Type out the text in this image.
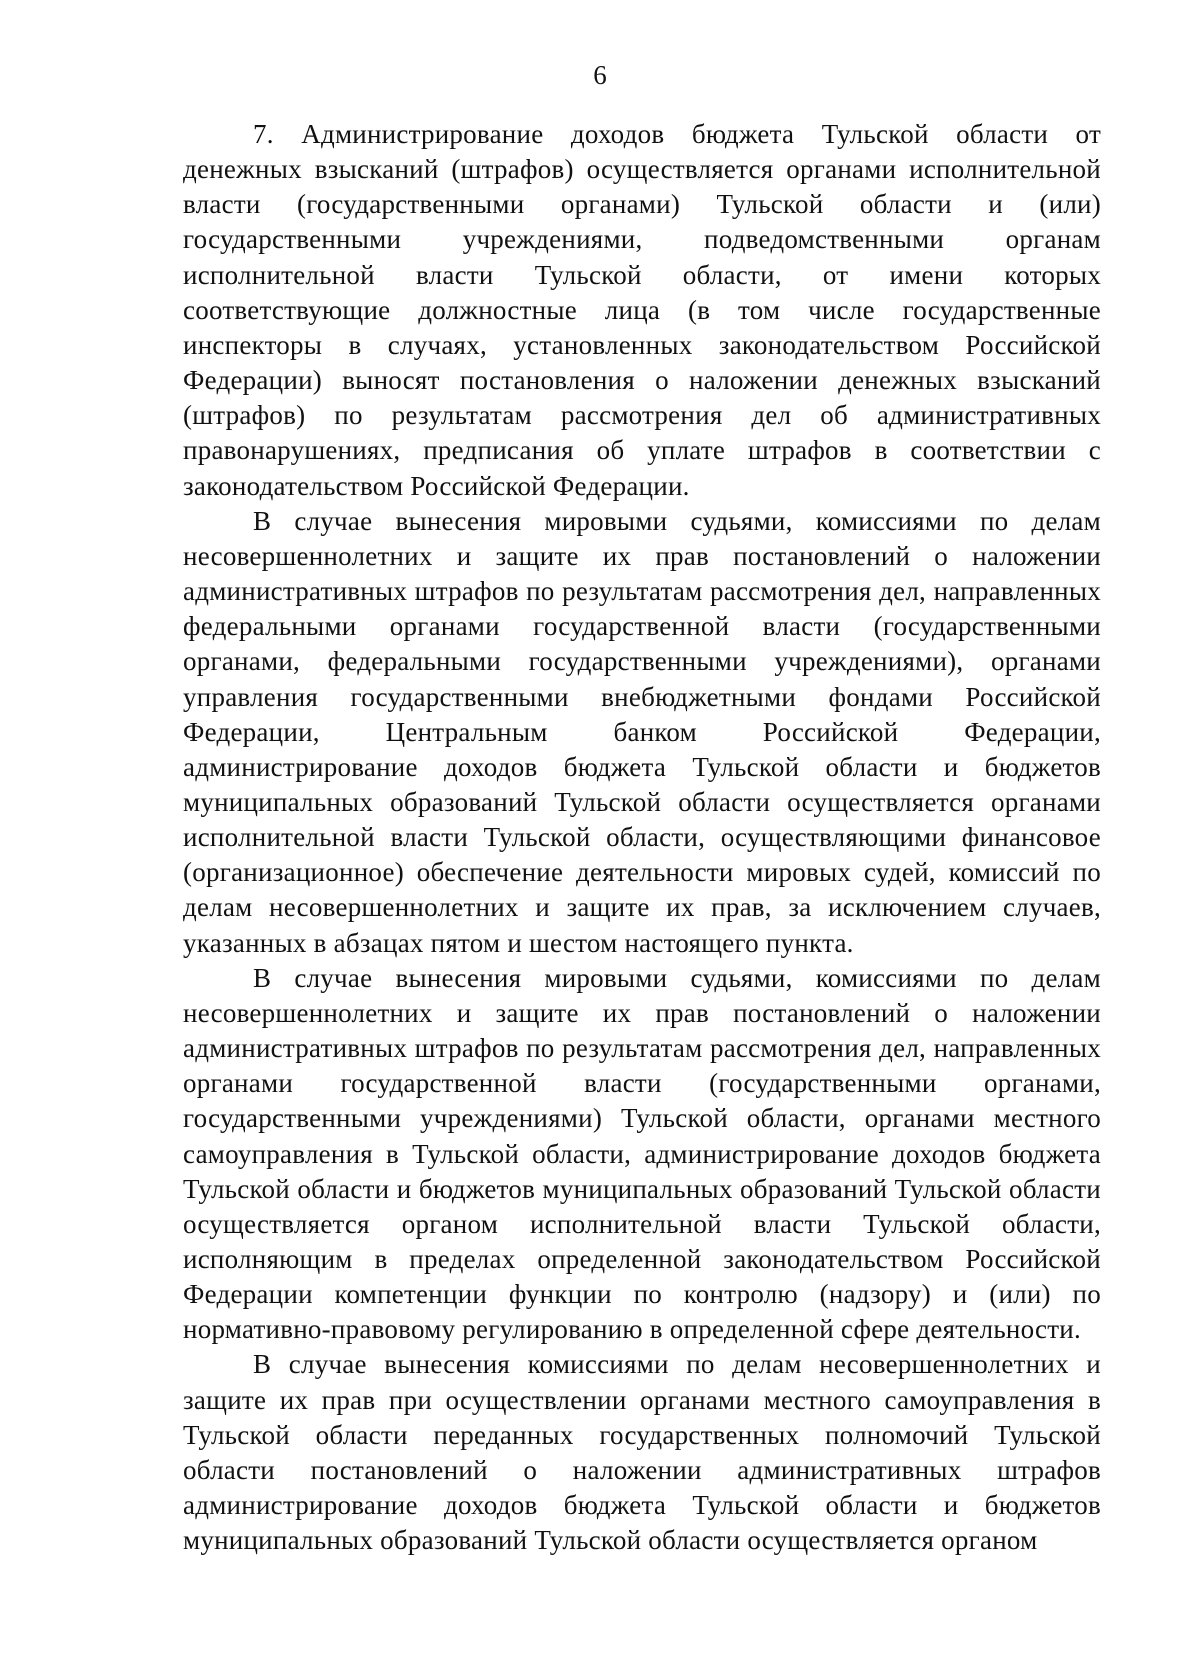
6

7. Администрирование доходов бюджета Тульской области от денежных взысканий (штрафов) осуществляется органами исполнительной власти (государственными органами) Тульской области и (или) государственными учреждениями, подведомственными органам исполнительной власти Тульской области, от имени которых соответствующие должностные лица (в том числе государственные инспекторы в случаях, установленных законодательством Российской Федерации) выносят постановления о наложении денежных взысканий (штрафов) по результатам рассмотрения дел об административных правонарушениях, предписания об уплате штрафов в соответствии с законодательством Российской Федерации.

В случае вынесения мировыми судьями, комиссиями по делам несовершеннолетних и защите их прав постановлений о наложении административных штрафов по результатам рассмотрения дел, направленных федеральными органами государственной власти (государственными органами, федеральными государственными учреждениями), органами управления государственными внебюджетными фондами Российской Федерации, Центральным банком Российской Федерации, администрирование доходов бюджета Тульской области и бюджетов муниципальных образований Тульской области осуществляется органами исполнительной власти Тульской области, осуществляющими финансовое (организационное) обеспечение деятельности мировых судей, комиссий по делам несовершеннолетних и защите их прав, за исключением случаев, указанных в абзацах пятом и шестом настоящего пункта.

В случае вынесения мировыми судьями, комиссиями по делам несовершеннолетних и защите их прав постановлений о наложении административных штрафов по результатам рассмотрения дел, направленных органами государственной власти (государственными органами, государственными учреждениями) Тульской области, органами местного самоуправления в Тульской области, администрирование доходов бюджета Тульской области и бюджетов муниципальных образований Тульской области осуществляется органом исполнительной власти Тульской области, исполняющим в пределах определенной законодательством Российской Федерации компетенции функции по контролю (надзору) и (или) по нормативно-правовому регулированию в определенной сфере деятельности.

В случае вынесения комиссиями по делам несовершеннолетних и защите их прав при осуществлении органами местного самоуправления в Тульской области переданных государственных полномочий Тульской области постановлений о наложении административных штрафов администрирование доходов бюджета Тульской области и бюджетов муниципальных образований Тульской области осуществляется органом
